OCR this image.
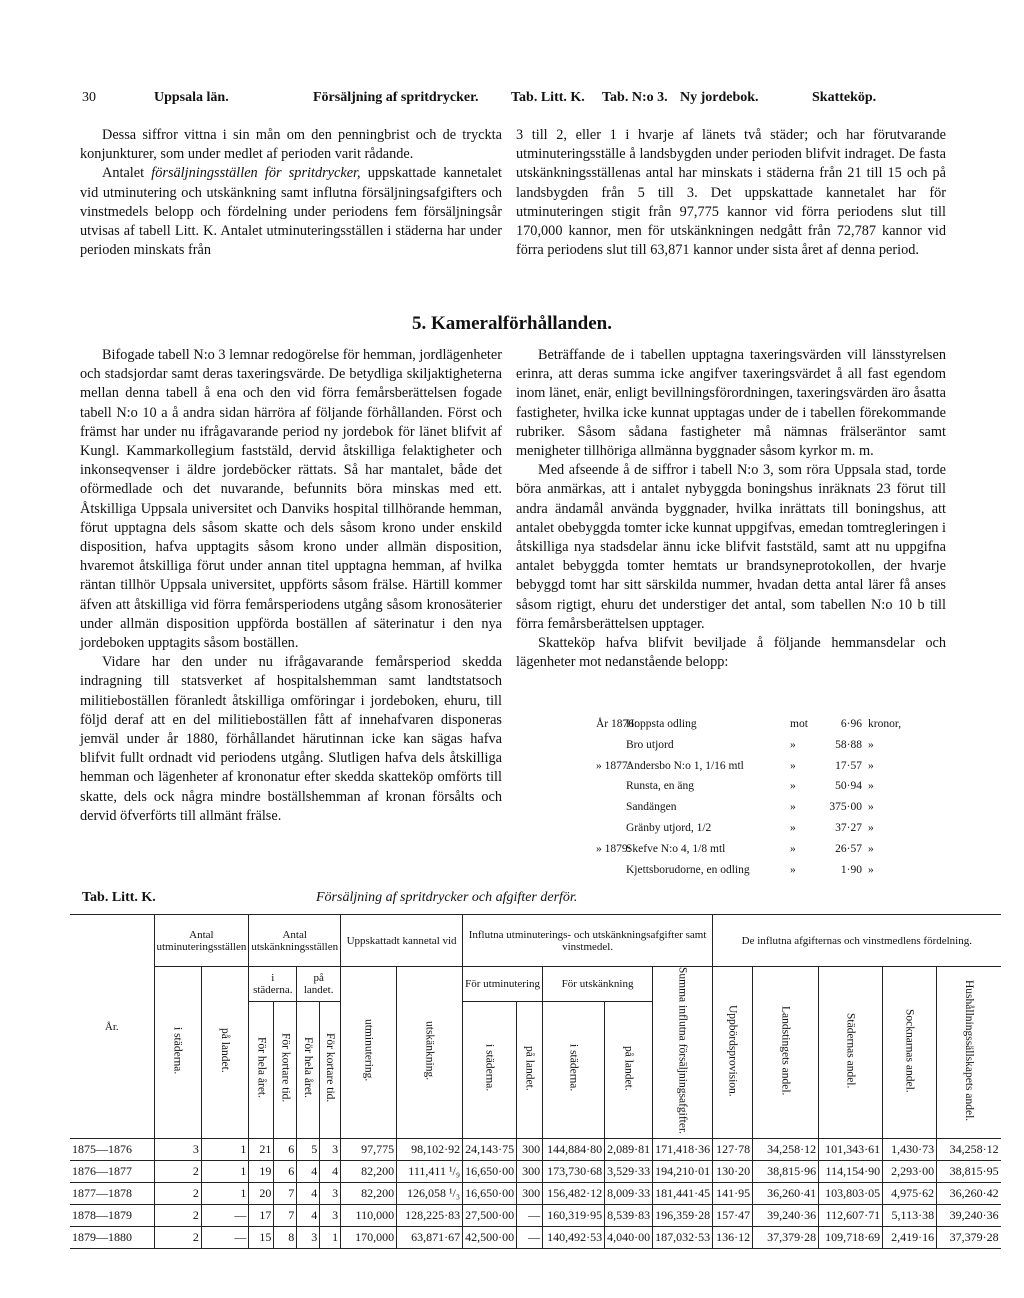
30	Uppsala län.	Försäljning af spritdrycker. Tab. Litt. K. Tab. N:o 3. Ny jordebok.	Skatteköp.

Dessa siffror vittna i sin mån om den penningbrist och de tryckta konjunkturer, som under medlet af perioden varit rådande.

Antalet försäljningsställen för spritdrycker, uppskattade kannetalet vid utminutering och utskänkning samt influtna försäljningsafgifters och vinstmedels belopp och fördelning under periodens fem försäljningsår utvisas af tabell Litt. K. Antalet utminuteringsställen i städerna har under perioden minskats från

3 till 2, eller 1 i hvarje af länets två städer; och har förutvarande utminuteringsställe å landsbygden under perioden blifvit indraget. De fasta utskänkningsställenas antal har minskats i städerna från 21 till 15 och på landsbygden från 5 till 3. Det uppskattade kannetalet har för utminuteringen stigit från 97,775 kannor vid förra periodens slut till 170,000 kannor, men för utskänkningen nedgått från 72,787 kannor vid förra periodens slut till 63,871 kannor under sista året af denna period.

5. Kameralförhållanden.

Bifogade tabell N:o 3 lemnar redogörelse för hemman, jordlägenheter och stadsjordar samt deras taxeringsvärde. De betydliga skiljaktigheterna mellan denna tabell å ena och den vid förra femårsberättelsen fogade tabell N:o 10 a å andra sidan härröra af följande förhållanden. Först och främst har under nu ifrågavarande period ny jordebok för länet blifvit af Kungl. Kammarkollegium faststäld, dervid åtskilliga felaktigheter och inkonseqvenser i äldre jordeböcker rättats. Så har mantalet, både det oförmedlade och det nuvarande, befunnits böra minskas med ett. Åtskilliga Uppsala universitet och Danviks hospital tillhörande hemman, förut upptagna dels såsom skatte och dels såsom krono under enskild disposition, hafva upptagits såsom krono under allmän disposition, hvaremot åtskilliga förut under annan titel upptagna hemman, af hvilka räntan tillhör Uppsala universitet, uppförts såsom frälse. Härtill kommer äfven att åtskilliga vid förra femårsperiodens utgång såsom kronosäterier under allmän disposition uppförda boställen af säterinatur i den nya jordeboken upptagits såsom boställen.

Vidare har den under nu ifrågavarande femårsperiod skedda indragning till statsverket af hospitalshemman samt landtstatsoch militieboställen föranledt åtskilliga omföringar i jordeboken, ehuru, till följd deraf att en del militieboställen fått af innehafvaren disponeras jemväl under år 1880, förhållandet härutinnan icke kan sägas hafva blifvit fullt ordnadt vid periodens utgång. Slutligen hafva dels åtskilliga hemman och lägenheter af krononatur efter skedda skatteköp omförts till skatte, dels ock några mindre boställshemman af kronan försålts och dervid öfverförts till allmänt frälse.

Beträffande de i tabellen upptagna taxeringsvärden vill länsstyrelsen erinra, att deras summa icke angifver taxeringsvärdet å all fast egendom inom länet, enär, enligt bevillningsförordningen, taxeringsvärden äro åsatta fastigheter, hvilka icke kunnat upptagas under de i tabellen förekommande rubriker. Såsom sådana fastigheter må nämnas frälseräntor samt menigheter tillhöriga allmänna byggnader såsom kyrkor m. m.

Med afseende å de siffror i tabell N:o 3, som röra Uppsala stad, torde böra anmärkas, att i antalet nybyggda boningshus inräknats 23 förut till andra ändamål använda byggnader, hvilka inrättats till boningshus, att antalet obebyggda tomter icke kunnat uppgifvas, emedan tomtregleringen i åtskilliga nya stadsdelar ännu icke blifvit faststäld, samt att nu uppgifna antalet bebyggda tomter hemtats ur brandsyneprotokollen, der hvarje bebyggd tomt har sitt särskilda nummer, hvadan detta antal lärer få anses såsom rigtigt, ehuru det understiger det antal, som tabellen N:o 10 b till förra femårsberättelsen upptager.

Skatteköp hafva blifvit beviljade å följande hemmansdelar och lägenheter mot nedanstående belopp:

År 1876:
Hoppsta odling	mot	6·96 kronor,
Bro utjord	»	58·88 »
» 1877:
Andersbo N:o 1, 1/16 mtl	»	17·57 »
Runsta, en äng	»	50·94 »
Sandängen	»	375·00 »
Gränby utjord, 1/2	»	37·27 »
» 1879:
Skefve N:o 4, 1/8 mtl	»	26·57 »
Kjettsborudorne, en odling	»	1·90 »
Tab. Litt. K.	Försäljning af spritdrycker och afgifter derför.
År.	Antal utminuteringsställen		Antal utskänkningsställen				Uppskattadt kannetal vid		Influtna utminuterings- och utskänkningsafgifter samt vinstmedel.					De influtna afgifternas och vinstmedlens fördelning.				
	i städerna.	på landet.	i städerna.		på landet.		utminutering.	utskänkning.	För utminutering		För utskänkning		Summa influtna försäljningsafgifter.	Uppbördsprovision.	Landstingets andel.	Städernas andel.	Socknarnas andel.	Hushållningssällskapets andel.
			För hela året.	För kortare tid.	För hela året.	För kortare tid.			i städerna.	på landet.	i städerna.	på landet.						
1875—1876	3	1	21	6	5	3	97,775	98,102·92	24,143·75	300	144,884·80	2,089·81	171,418·36	127·78	34,258·12	101,343·61	1,430·73	34,258·12
1876—1877	2	1	19	6	4	4	82,200	111,411 ¹/₉	16,650·00	300	173,730·68	3,529·33	194,210·01	130·20	38,815·96	114,154·90	2,293·00	38,815·95
1877—1878	2	1	20	7	4	3	82,200	126,058 ¹/₃	16,650·00	300	156,482·12	8,009·33	181,441·45	141·95	36,260·41	103,803·05	4,975·62	36,260·42
1878—1879	2	—	17	7	4	3	110,000	128,225·83	27,500·00	—	160,319·95	8,539·83	196,359·28	157·47	39,240·36	112,607·71	5,113·38	39,240·36
1879—1880	2	—	15	8	3	1	170,000	63,871·67	42,500·00	—	140,492·53	4,040·00	187,032·53	136·12	37,379·28	109,718·69	2,419·16	37,379·28
